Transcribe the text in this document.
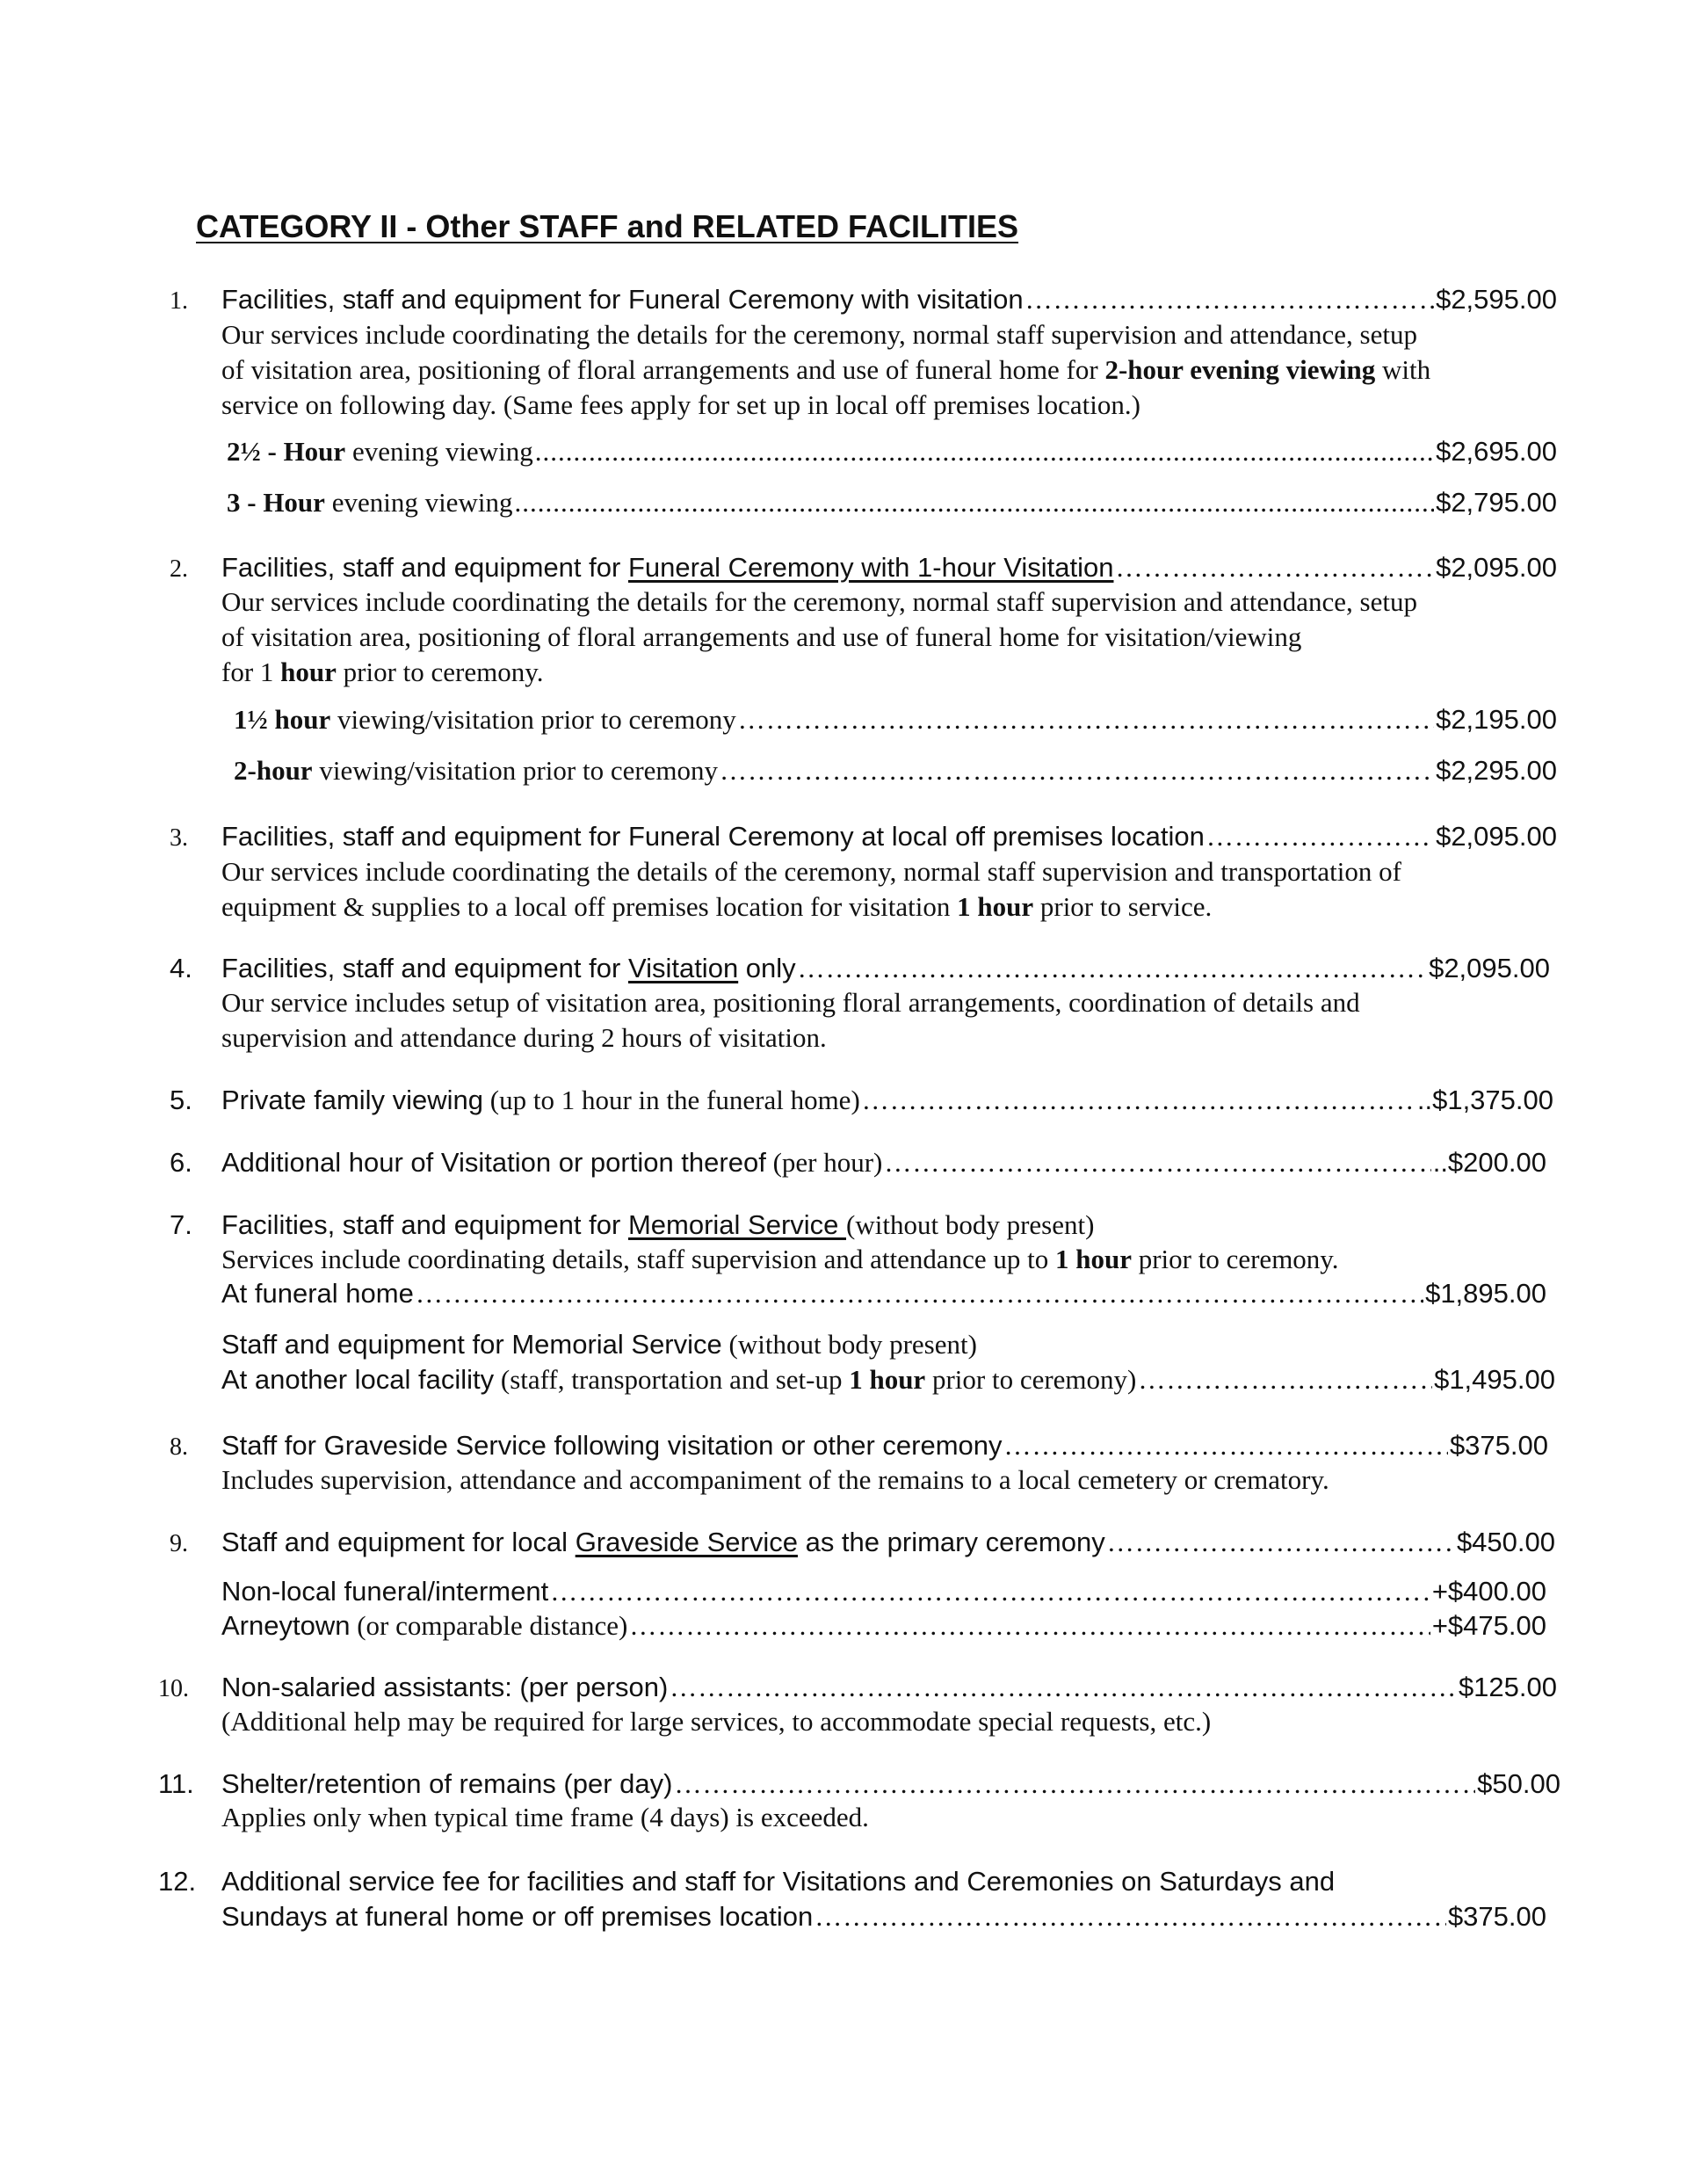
CATEGORY II - Other STAFF and RELATED FACILITIES
1. Facilities, staff and equipment for Funeral Ceremony with visitation ……………………………………………………………………………………………………………………………………………………………………………………………………………………………………………………	$2,595.00
Our services include coordinating the details for the ceremony, normal staff supervision and attendance, setup
of visitation area, positioning of floral arrangements and use of funeral home for 2-hour evening viewing with
service on following day. (Same fees apply for set up in local off premises location.)
2½ - Hour evening viewing .....	$2,695.00
3 - Hour evening viewing .....	$2,795.00
2. Facilities, staff and equipment for Funeral Ceremony with 1-hour Visitation ……………………………………………………………………………………………………………………………………………………………………………………………………………………………………………………	$2,095.00
Our services include coordinating the details for the ceremony, normal staff supervision and attendance, setup
of visitation area, positioning of floral arrangements and use of funeral home for visitation/viewing
for 1 hour prior to ceremony.
1½ hour viewing/visitation prior to ceremony ……………………………………………………………………………………………………………………………………………………………………………………………………………………………………………………	$2,195.00
2-hour viewing/visitation prior to ceremony ……………………………………………………………………………………………………………………………………………………………………………………………………………………………………………………	$2,295.00
3. Facilities, staff and equipment for Funeral Ceremony at local off premises location ……………………………………………………………………………………………………………………………………………………………………………………………………………………………………………………	$2,095.00
Our services include coordinating the details of the ceremony, normal staff supervision and transportation of
equipment & supplies to a local off premises location for visitation 1 hour prior to service.
4. Facilities, staff and equipment for Visitation only ……………………………………………………………………………………………………………………………………………………………………………………………………………………………………………………	$2,095.00
Our service includes setup of visitation area, positioning floral arrangements, coordination of details and
supervision and attendance during 2 hours of visitation.
5. Private family viewing (up to 1 hour in the funeral home) ……………………………………………………………………………………………………………………………………………………………………………………………………………………………………………………	..$1,375.00
6. Additional hour of Visitation or portion thereof (per hour) ……………………………………………………………………………………………………………………………………………………………………………………………………………………………………………………	..$200.00
7. Facilities, staff and equipment for Memorial Service (without body present)
Services include coordinating details, staff supervision and attendance up to 1 hour prior to ceremony.
At funeral home ……………………………………………………………………………………………………………………………………………………………………………………………………………………………………………………	$1,895.00
Staff and equipment for Memorial Service (without body present)
At another local facility (staff, transportation and set-up 1 hour prior to ceremony) ……………………………………………………………………………………………………………………………………………………………………………………………………………………………………………………	$1,495.00
8. Staff for Graveside Service following visitation or other ceremony ……………………………………………………………………………………………………………………………………………………………………………………………………………………………………………………	$375.00
Includes supervision, attendance and accompaniment of the remains to a local cemetery or crematory.
9. Staff and equipment for local Graveside Service as the primary ceremony ……………………………………………………………………………………………………………………………………………………………………………………………………………………………………………………	$450.00
Non-local funeral/interment ……………………………………………………………………………………………………………………………………………………………………………………………………………………………………………………	+$400.00
Arneytown (or comparable distance) ……………………………………………………………………………………………………………………………………………………………………………………………………………………………………………………	+$475.00
10. Non-salaried assistants: (per person) ……………………………………………………………………………………………………………………………………………………………………………………………………………………………………………………	$125.00
(Additional help may be required for large services, to accommodate special requests, etc.)
11. Shelter/retention of remains (per day) ……………………………………………………………………………………………………………………………………………………………………………………………………………………………………………………	$50.00
Applies only when typical time frame (4 days) is exceeded.
12. Additional service fee for facilities and staff for Visitations and Ceremonies on Saturdays and
Sundays at funeral home or off premises location ……………………………………………………………………………………………………………………………………………………………………………………………………………………………………………………	$375.00
